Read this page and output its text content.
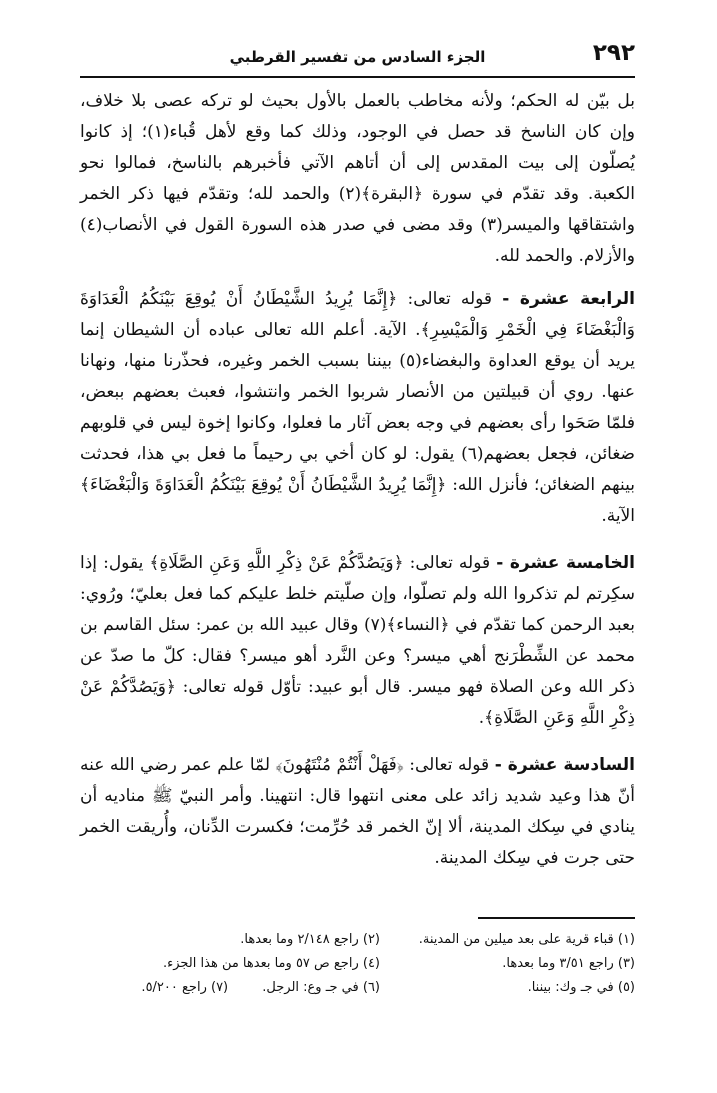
٢٩٢
الجزء السادس من تفسير القرطبي

بل بيّن له الحكم؛ ولأنه مخاطب بالعمل بالأول بحيث لو تركه عصى بلا خلاف، وإن كان الناسخ قد حصل في الوجود، وذلك كما وقع لأهل قُباء(١)؛ إذ كانوا يُصلّون إلى بيت المقدس إلى أن أتاهم الآتي فأخبرهم بالناسخ، فمالوا نحو الكعبة. وقد تقدّم في سورة ﴿البقرة﴾(٢) والحمد لله؛ وتقدّم فيها ذكر الخمر واشتقاقها والميسر(٣) وقد مضى في صدر هذه السورة القول في الأنصاب(٤) والأزلام. والحمد لله.

الرابعة عشرة - قوله تعالى: ﴿إِنَّمَا يُرِيدُ الشَّيْطَانُ أَنْ يُوقِعَ بَيْنَكُمُ الْعَدَاوَةَ وَالْبَغْضَاءَ فِي الْخَمْرِ وَالْمَيْسِرِ﴾. الآية. أعلم الله تعالى عباده أن الشيطان إنما يريد أن يوقع العداوة والبغضاء(٥) بيننا بسبب الخمر وغيره، فحذّرنا منها، ونهانا عنها. روي أن قبيلتين من الأنصار شربوا الخمر وانتشوا، فعبث بعضهم ببعض، فلمّا صَحَوا رأى بعضهم في وجه بعض آثار ما فعلوا، وكانوا إخوة ليس في قلوبهم ضغائن، فجعل بعضهم(٦) يقول: لو كان أخي بي رحيماً ما فعل بي هذا، فحدثت بينهم الضغائن؛ فأنزل الله: ﴿إِنَّمَا يُرِيدُ الشَّيْطَانُ أَنْ يُوقِعَ بَيْنَكُمُ الْعَدَاوَةَ وَالْبَغْضَاءَ﴾ الآية.

الخامسة عشرة - قوله تعالى: ﴿وَيَصُدَّكُمْ عَنْ ذِكْرِ اللَّهِ وَعَنِ الصَّلَاةِ﴾ يقول: إذا سكِرتم لم تذكروا الله ولم تصلّوا، وإن صلّيتم خلط عليكم كما فعل بعليّ؛ ورُوي: بعبد الرحمن كما تقدّم في ﴿النساء﴾(٧) وقال عبيد الله بن عمر: سئل القاسم بن محمد عن الشِّطْرَنج أهي ميسر؟ وعن النَّرد أهو ميسر؟ فقال: كلّ ما صدّ عن ذكر الله وعن الصلاة فهو ميسر. قال أبو عبيد: تأوّل قوله تعالى: ﴿وَيَصُدَّكُمْ عَنْ ذِكْرِ اللَّهِ وَعَنِ الصَّلَاةِ﴾.

السادسة عشرة - قوله تعالى: ﴿فَهَلْ أَنْتُمْ مُنْتَهُونَ﴾ لمّا علم عمر رضي الله عنه أنّ هذا وعيد شديد زائد على معنى انتهوا قال: انتهينا. وأمر النبيّ ﷺ مناديه أن ينادي في سِكك المدينة، ألا إنّ الخمر قد حُرِّمت؛ فكسرت الدِّنان، وأُريقت الخمر حتى جرت في سِكك المدينة.

(١) قباء قرية على بعد ميلين من المدينة.
(٢) راجع ٢/١٤٨ وما بعدها.
(٣) راجع ٣/٥١ وما بعدها.
(٤) راجع ص ٥٧ وما بعدها من هذا الجزء.
(٥) في جـ وك: بيننا.
(٦) في جـ وع: الرجل. (٧) راجع ٥/٢٠٠.
